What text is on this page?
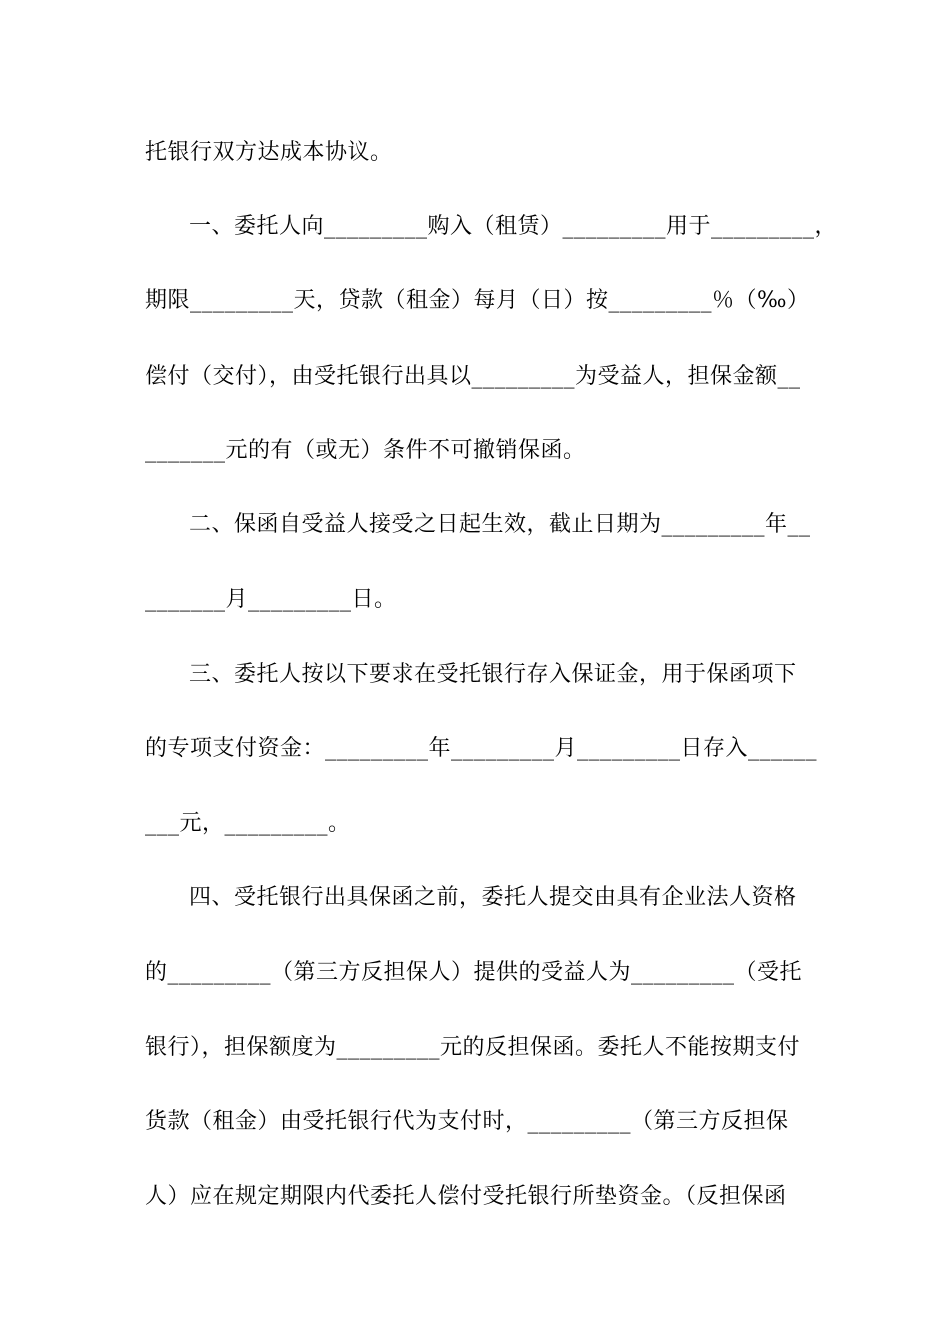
托银行双方达成本协议。
一、委托人向_________购入（租赁）_________用于_________，
期限_________天，贷款（租金）每月（日）按_________％（‰）
偿付（交付），由受托银行出具以_________为受益人，担保金额__
_______元的有（或无）条件不可撤销保函。
二、保函自受益人接受之日起生效，截止日期为_________年__
_______月_________日。
三、委托人按以下要求在受托银行存入保证金，用于保函项下
的专项支付资金：_________年_________月_________日存入______
___元，_________。
四、受托银行出具保函之前，委托人提交由具有企业法人资格
的_________（第三方反担保人）提供的受益人为_________（受托
银行），担保额度为_________元的反担保函。委托人不能按期支付
货款（租金）由受托银行代为支付时，_________（第三方反担保
人）应在规定期限内代委托人偿付受托银行所垫资金。（反担保函
